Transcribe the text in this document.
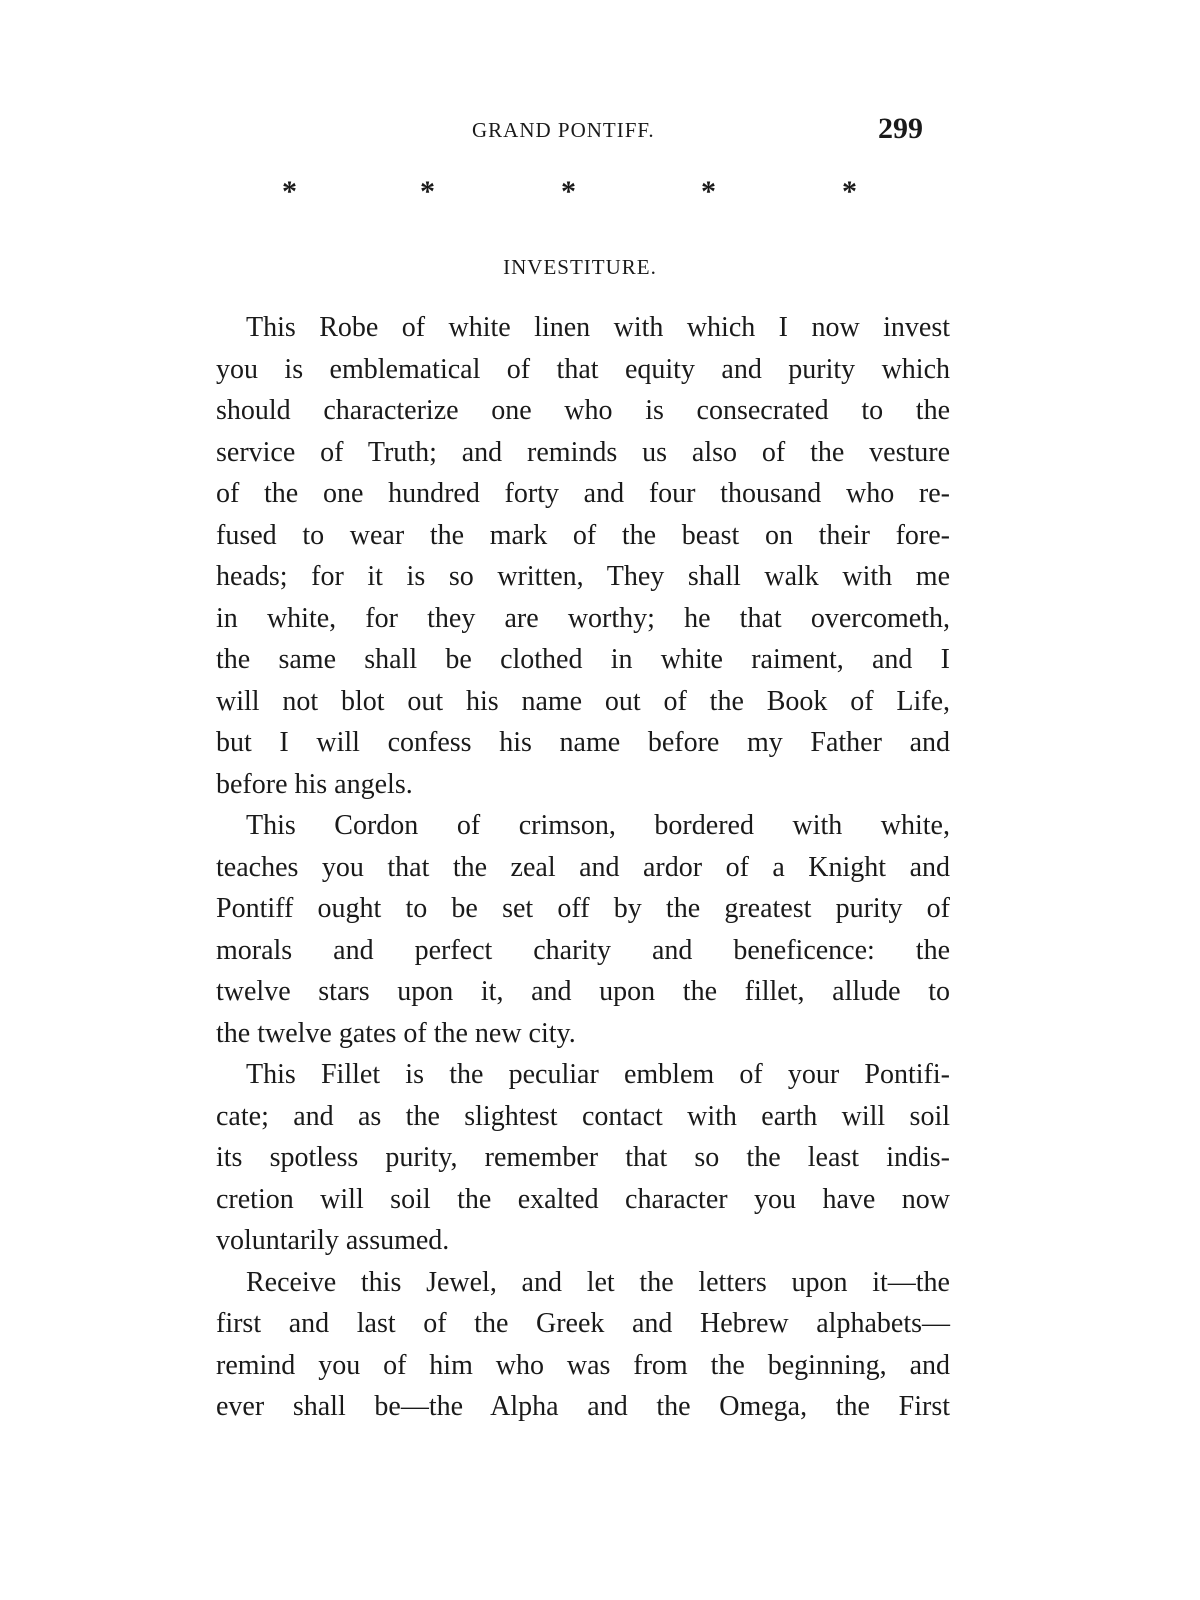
GRAND PONTIFF.	299
*	*	*	*	*
INVESTITURE.
This Robe of white linen with which I now invest
you is emblematical of that equity and purity which
should characterize one who is consecrated to the
service of Truth; and reminds us also of the vesture
of the one hundred forty and four thousand who re-
fused to wear the mark of the beast on their fore-
heads; for it is so written, They shall walk with me
in white, for they are worthy; he that overcometh,
the same shall be clothed in white raiment, and I
will not blot out his name out of the Book of Life,
but I will confess his name before my Father and
before his angels.
This Cordon of crimson, bordered with white,
teaches you that the zeal and ardor of a Knight and
Pontiff ought to be set off by the greatest purity of
morals and perfect charity and beneficence: the
twelve stars upon it, and upon the fillet, allude to
the twelve gates of the new city.
This Fillet is the peculiar emblem of your Pontifi-
cate; and as the slightest contact with earth will soil
its spotless purity, remember that so the least indis-
cretion will soil the exalted character you have now
voluntarily assumed.
Receive this Jewel, and let the letters upon it—the
first and last of the Greek and Hebrew alphabets—
remind you of him who was from the beginning, and
ever shall be—the Alpha and the Omega, the First
